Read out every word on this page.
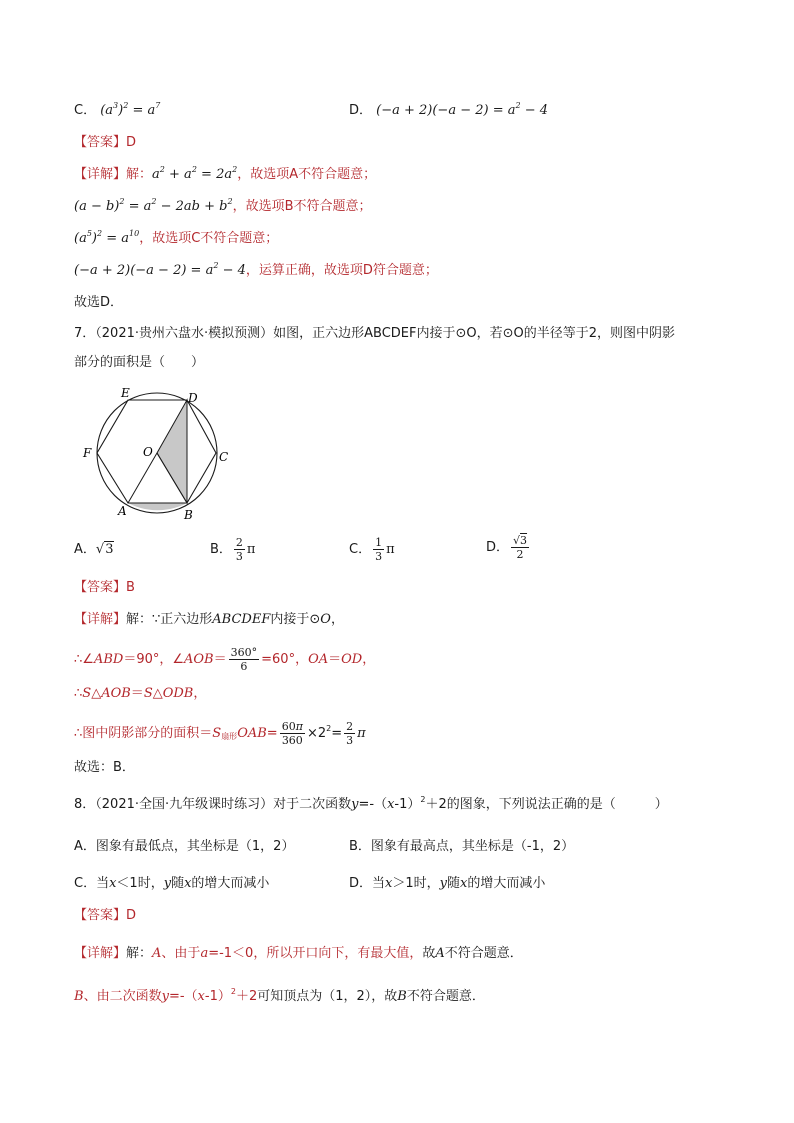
C． $(a^3)^2 = a^7$	D． $(-a + 2)(-a - 2) = a^2 - 4$
【答案】D
【详解】解：$a^2 + a^2 = 2a^2$，故选项A不符合题意；
$(a - b)^2 = a^2 - 2ab + b^2$，故选项B不符合题意；
$(a^5)^2 = a^{10}$，故选项C不符合题意；
$(-a + 2)(-a - 2) = a^2 - 4$，运算正确，故选项D符合题意；
故选D．
7．（2021·贵州六盘水·模拟预测）如图，正六边形ABCDEF内接于⊙O，若⊙O的半径等于2，则图中阴影
部分的面积是（　　）
E	D
F	C
O
A	B
A．√3	B． $\frac{2}{3}$ π	C． $\frac{1}{3}$ π	D． $\frac{√3}{2}$
【答案】B
【详解】解：∵正六边形ABCDEF内接于⊙O，
∴∠ABD＝90°，∠AOB＝ $\frac{360^\circ}{6} =60^\circ$，OA＝OD，
∴S△AOB＝S△ODB，
∴图中阴影部分的面积$=S_{扇形}OAB= \frac{60\pi}{360} \times 2^2= \frac{2}{3}$ π
故选：B．
8．（2021·全国·九年级课时练习）对于二次函数$y=-(x-1)^2+2$的图象，下列说法正确的是（　　　）
A．图象有最低点，其坐标是（1，2）	B．图象有最高点，其坐标是（-1，2）
C．当x＜1时，y随x的增大而减小	D．当x＞1时，y随x的增大而减小
【答案】D
【详解】解：A、由于a=-1＜0，所以开口向下，有最大值，故A不符合题意．
B、由二次函数$y=-(x-1)^2+2$可知顶点为（1，2），故B不符合题意．
